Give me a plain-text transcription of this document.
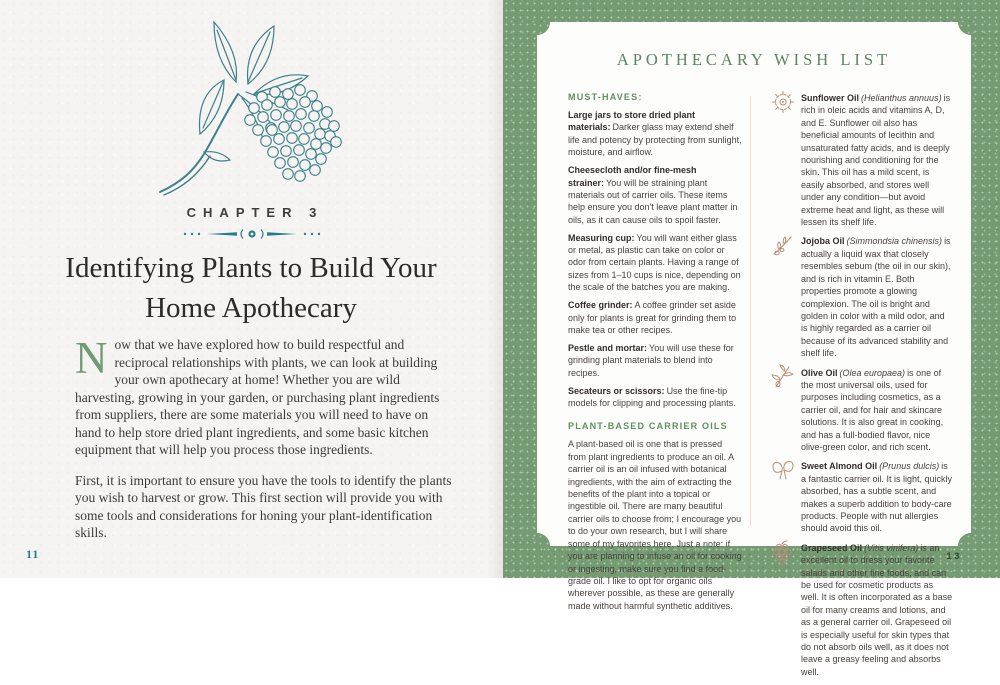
CHAPTER 3
Identifying Plants to Build Your Home Apothecary

Now that we have explored how to build respectful and reciprocal relationships with plants, we can look at building your own apothecary at home! Whether you are wild harvesting, growing in your garden, or purchasing plant ingredients from suppliers, there are some materials you will need to have on hand to help store dried plant ingredients, and some basic kitchen equipment that will help you process those ingredients.

First, it is important to ensure you have the tools to identify the plants you wish to harvest or grow. This first section will provide you with some tools and considerations for honing your plant-identification skills.

11
APOTHECARY WISH LIST
MUST-HAVES:

Large jars to store dried plant materials: Darker glass may extend shelf life and potency by protecting from sunlight, moisture, and airflow.

Cheesecloth and/or fine-mesh strainer: You will be straining plant materials out of carrier oils. These items help ensure you don't leave plant matter in oils, as it can cause oils to spoil faster.

Measuring cup: You will want either glass or metal, as plastic can take on color or odor from certain plants. Having a range of sizes from 1–10 cups is nice, depending on the scale of the batches you are making.

Coffee grinder: A coffee grinder set aside only for plants is great for grinding them to make tea or other recipes.

Pestle and mortar: You will use these for grinding plant materials to blend into recipes.

Secateurs or scissors: Use the fine-tip models for clipping and processing plants.

PLANT-BASED CARRIER OILS

A plant-based oil is one that is pressed from plant ingredients to produce an oil. A carrier oil is an oil infused with botanical ingredients, with the aim of extracting the benefits of the plant into a topical or ingestible oil. There are many beautiful carrier oils to choose from; I encourage you to do your own research, but I will share some of my favorites here. Just a note: if you are planning to infuse an oil for cooking or ingesting, make sure you find a food-grade oil. I like to opt for organic oils wherever possible, as these are generally made without harmful synthetic additives.

Sunflower Oil (Helianthus annuus) is rich in oleic acids and vitamins A, D, and E. Sunflower oil also has beneficial amounts of lecithin and unsaturated fatty acids, and is deeply nourishing and conditioning for the skin. This oil has a mild scent, is easily absorbed, and stores well under any condition—but avoid extreme heat and light, as these will lessen its shelf life.
Jojoba Oil (Simmondsia chinensis) is actually a liquid wax that closely resembles sebum (the oil in our skin), and is rich in vitamin E. Both properties promote a glowing complexion. The oil is bright and golden in color with a mild odor, and is highly regarded as a carrier oil because of its advanced stability and shelf life.
Olive Oil (Olea europaea) is one of the most universal oils, used for purposes including cosmetics, as a carrier oil, and for hair and skincare solutions. It is also great in cooking, and has a full-bodied flavor, nice olive-green color, and rich scent.
Sweet Almond Oil (Prunus dulcis) is a fantastic carrier oil. It is light, quickly absorbed, has a subtle scent, and makes a superb addition to body-care products. People with nut allergies should avoid this oil.
Grapeseed Oil (Vitis vinifera) is an excellent oil to dress your favorite salads and other fine foods, and can be used for cosmetic products as well. It is often incorporated as a base oil for many creams and lotions, and as a general carrier oil. Grapeseed oil is especially useful for skin types that do not absorb oils well, as it does not leave a greasy feeling and absorbs well.
13
